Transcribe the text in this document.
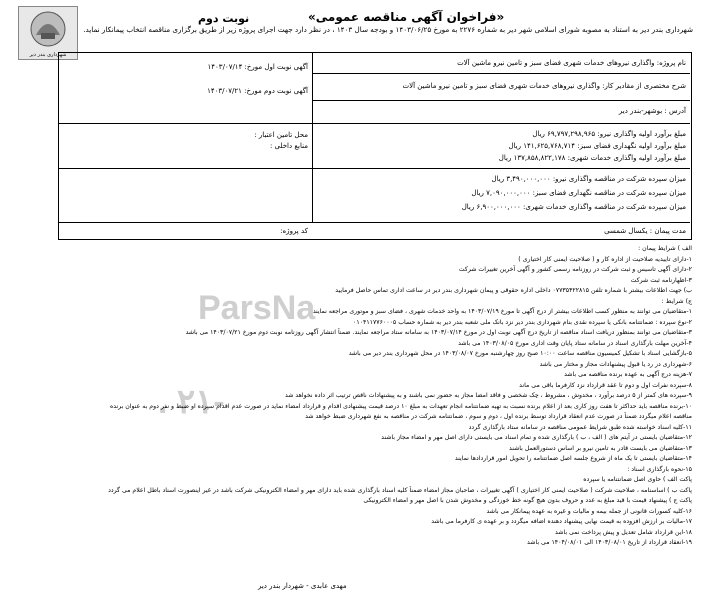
شهرداری بندر دیر
نوبت دوم	«فراخوان آگهی مناقصه عمومی»
شهرداری بندر دیر به استناد به مصوبه شورای اسلامی شهر دیر به شماره ۲۲۷۶ به مورخ ۱۴۰۳/۰۶/۲۵ و بودجه سال ۱۴۰۳ ، در نظر دارد جهت اجرای پروژه زیر از طریق برگزاری مناقصه انتخاب پیمانکار نماید.
نام پروژه: واگذاری نیروهای خدمات شهری فضای سبز و تامین نیرو ماشین آلات
آگهی نوبت اول مورخ: ۱۴۰۳/۰۷/۱۴
آگهی نوبت دوم مورخ: ۱۴۰۳/۰۷/۲۱
شرح مختصری از مقادیر کار: واگذاری نیروهای خدمات شهری فضای سبز و تامین نیرو ماشین آلات
آدرس : بوشهر-بندر دیر
محل تامین اعتبار :
منابع داخلی :
مبلغ برآورد اولیه واگذاری نیرو: ۶۹,۷۹۷,۲۹۸,۹۶۵ ریال
مبلغ برآورد اولیه نگهداری فضای سبز: ۱۴۱,۶۲۵,۷۶۸,۷۱۴ ریال
مبلغ برآورد اولیه واگذاری خدمات شهری: ۱۳۷,۸۵۸,۸۲۲,۱۷۸ ریال
میزان سپرده شرکت در مناقصه واگذاری نیرو: ۳,۴۹۰,۰۰۰,۰۰۰ ریال
میزان سپرده شرکت در مناقصه نگهداری فضای سبز: ۷,۰۹۰,۰۰۰,۰۰۰ ریال
میزان سپرده شرکت در مناقصه واگذاری خدمات شهری: ۶,۹۰۰,۰۰۰,۰۰۰ ریال
مدت پیمان : یکسال شمسی
کد پروژه:
ParsNa
. ۲۱-
الف ) شرایط پیمان :
۱-دارای تاییدیه صلاحیت از اداره کار و ( صلاحیت ایمنی کار اختیاری )
۲-دارای آگهی تاسیس و ثبت شرکت در روزنامه رسمی کشور و آگهی آخرین تغییرات شرکت
۳-اظهارنامه ثبت شرکت
ب) جهت اطلاعات بیشتر با شماره تلفن ۰۷۷۳۵۴۲۲۸۱۵ داخلی اداره حقوقی و پیمان شهرداری بندر دیر در ساعت اداری تماس حاصل فرمایید
ج) شرایط :
۱-متقاضیان می توانند به منظور کسب اطلاعات بیشتر از درج آگهی تا مورخ ۱۴۰۳/۰۷/۱۹ به واحد خدمات شهری ، فضای سبز و موتوری مراجعه نمایند
۲-نوع سپرده : ضمانتنامه بانکی یا سپرده نقدی بنام شهرداری بندر دیر نزد بانک ملی شعبه بندر دیر به شماره حساب ۰۱۰۴۱۱۷۷۶۰۰۰۵
۳-متقاضیان می توانند بمنظور دریافت اسناد مناقصه از تاریخ درج آگهی نوبت اول در مورخ ۱۴۰۳/۰۷/۱۴ به سامانه ستاد مراجعه نمایند. ضمناً انتشار آگهی روزنامه نوبت دوم مورخ ۱۴۰۳/۰۷/۲۱ می باشد
۴-آخرین مهلت بارگذاری اسناد در سامانه ستاد پایان وقت اداری مورخ ۱۴۰۳/۰۸/۰۵ می باشد
۵-بازگشایی اسناد با تشکیل کمیسیون مناقصه ساعت ۱۰:۰۰ صبح روز چهارشنبه مورخ ۱۴۰۳/۰۸/۰۷ در محل شهرداری بندر دیر می باشد
۶-شهرداری در رد یا قبول پیشنهادات مجاز و مختار می باشد
۷-هزینه درج آگهی به عهده برنده مناقصه می باشد
۸-سپرده نفرات اول و دوم تا عقد قرارداد نزد کارفرما باقی می ماند
۹-سپرده های کمتر از ۵ درصد برآورد ، مخدوش ، مشروط ، چک شخصی و فاقد امضا مجاز به حضور نمی باشند و به پیشنهادات ناقص ترتیب اثر داده نخواهد شد
۱۰-برنده مناقصه باید حداکثر تا هفت روز کاری بعد از اعلام برنده نسبت به تهیه ضمانتنامه انجام تعهدات به مبلغ ۱۰ درصد قیمت پیشنهادی اقدام و قرارداد امضاء نماید در صورت عدم اقدام سپرده او ضبط و نفر دوم به عنوان برنده
مناقصه اعلام میگردد ضمناً در صورت عدم انعقاد قرارداد توسط برنده اول ، دوم و سوم ، ضمانتنامه شرکت در مناقصه به نفع شهرداری ضبط خواهد شد
۱۱-کلیه اسناد خواسته شده طبق شرایط عمومی مناقصه در سامانه ستاد بارگذاری گردد
۱۲-متقاضیان بایستی در آیتم های ( الف ، ب ) بارگذاری شده و تمام اسناد می بایستی دارای اصل مهر و امضاء مجاز باشند
۱۳-متقاضیان می بایست قادر به تامین نیرو بر اساس دستورالعمل باشند
۱۴-متقاضیان بایستی تا یک ماه از شروع جلسه اصل ضمانتنامه را تحویل امور قراردادها نمایند
۱۵-نحوه بارگذاری اسناد :
پاکت الف ) حاوی اصل ضمانتنامه یا سپرده
پاکت ب ) اساسنامه ، صلاحیت شرکت ( صلاحیت ایمنی کار اختیاری ) آگهی تغییرات ، صاحبان مجاز امضاء ضمناً کلیه اسناد بارگذاری شده باید دارای مهر و امضاء الکترونیکی شرکت باشد در غیر اینصورت اسناد باطل اعلام می گردد
پاکت ج ) پیشنهاد قیمت با قید مبلغ به عدد و حروف بدون هیچ گونه خط خوردگی و مخدوش شدن با اصل مهر و امضاء الکترونیکی
۱۶-کلیه کسورات قانونی از جمله بیمه و مالیات و غیره به عهده پیمانکار می باشد
۱۷-مالیات بر ارزش افزوده به قیمت نهایی پیشنهاد دهنده اضافه میگردد و بر عهده ی کارفرما می باشد
۱۸-این قرارداد شامل تعدیل و پیش پرداخت نمی باشد
۱۹-انعقاد قرارداد از تاریخ ۱۴۰۳/۰۸/۰۱ الی ۱۴۰۴/۰۸/۰۱ می باشد
مهدی عابدی - شهردار بندر دیر
